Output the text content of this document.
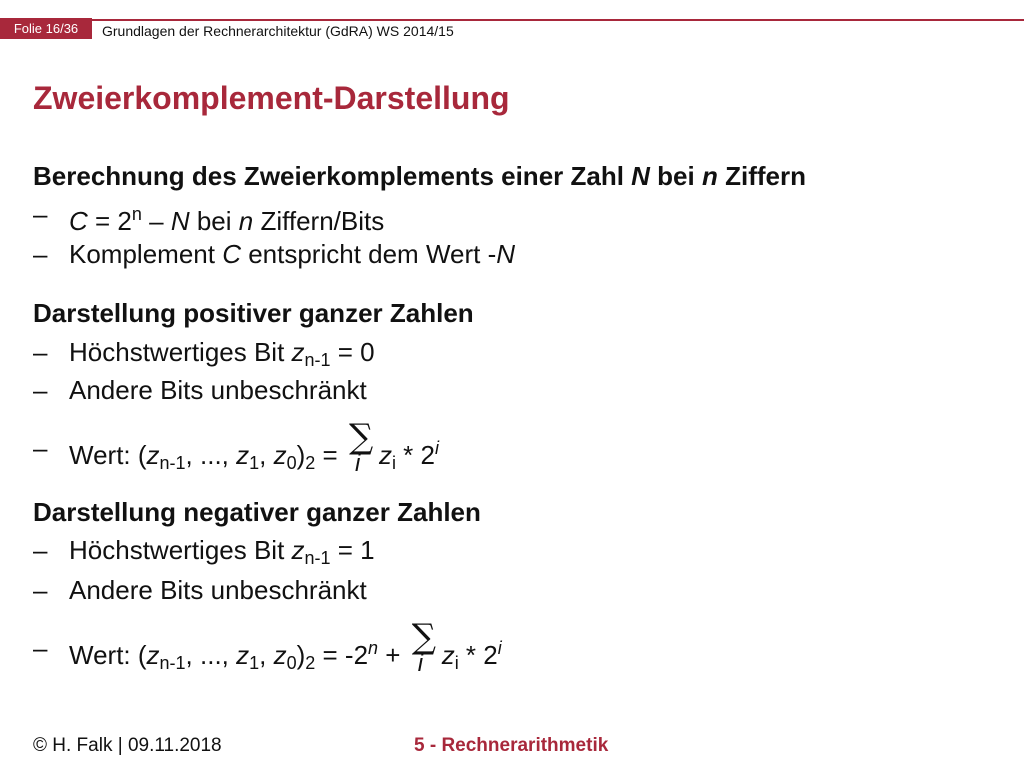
Folie 16/36	Grundlagen der Rechnerarchitektur (GdRA) WS 2014/15
Zweierkomplement-Darstellung
Berechnung des Zweierkomplements einer Zahl N bei n Ziffern
– $C = 2^n - N$ bei n Ziffern/Bits
– Komplement C entspricht dem Wert -N
Darstellung positiver ganzer Zahlen
– Höchstwertiges Bit $z_{n-1} = 0$
– Andere Bits unbeschränkt
– Wert: ($z_{n-1}$, ..., $z_1$, $z_0)_2$ = ∑
i $z_i * 2^i$
Darstellung negativer ganzer Zahlen
– Höchstwertiges Bit $z_{n-1} = 1$
– Andere Bits unbeschränkt
– Wert: ($z_{n-1}$, ..., $z_1$, $z_0)_2 = -2^n$ + ∑
i $z_i * 2^i$
© H. Falk | 09.11.2018	5 - Rechnerarithmetik
